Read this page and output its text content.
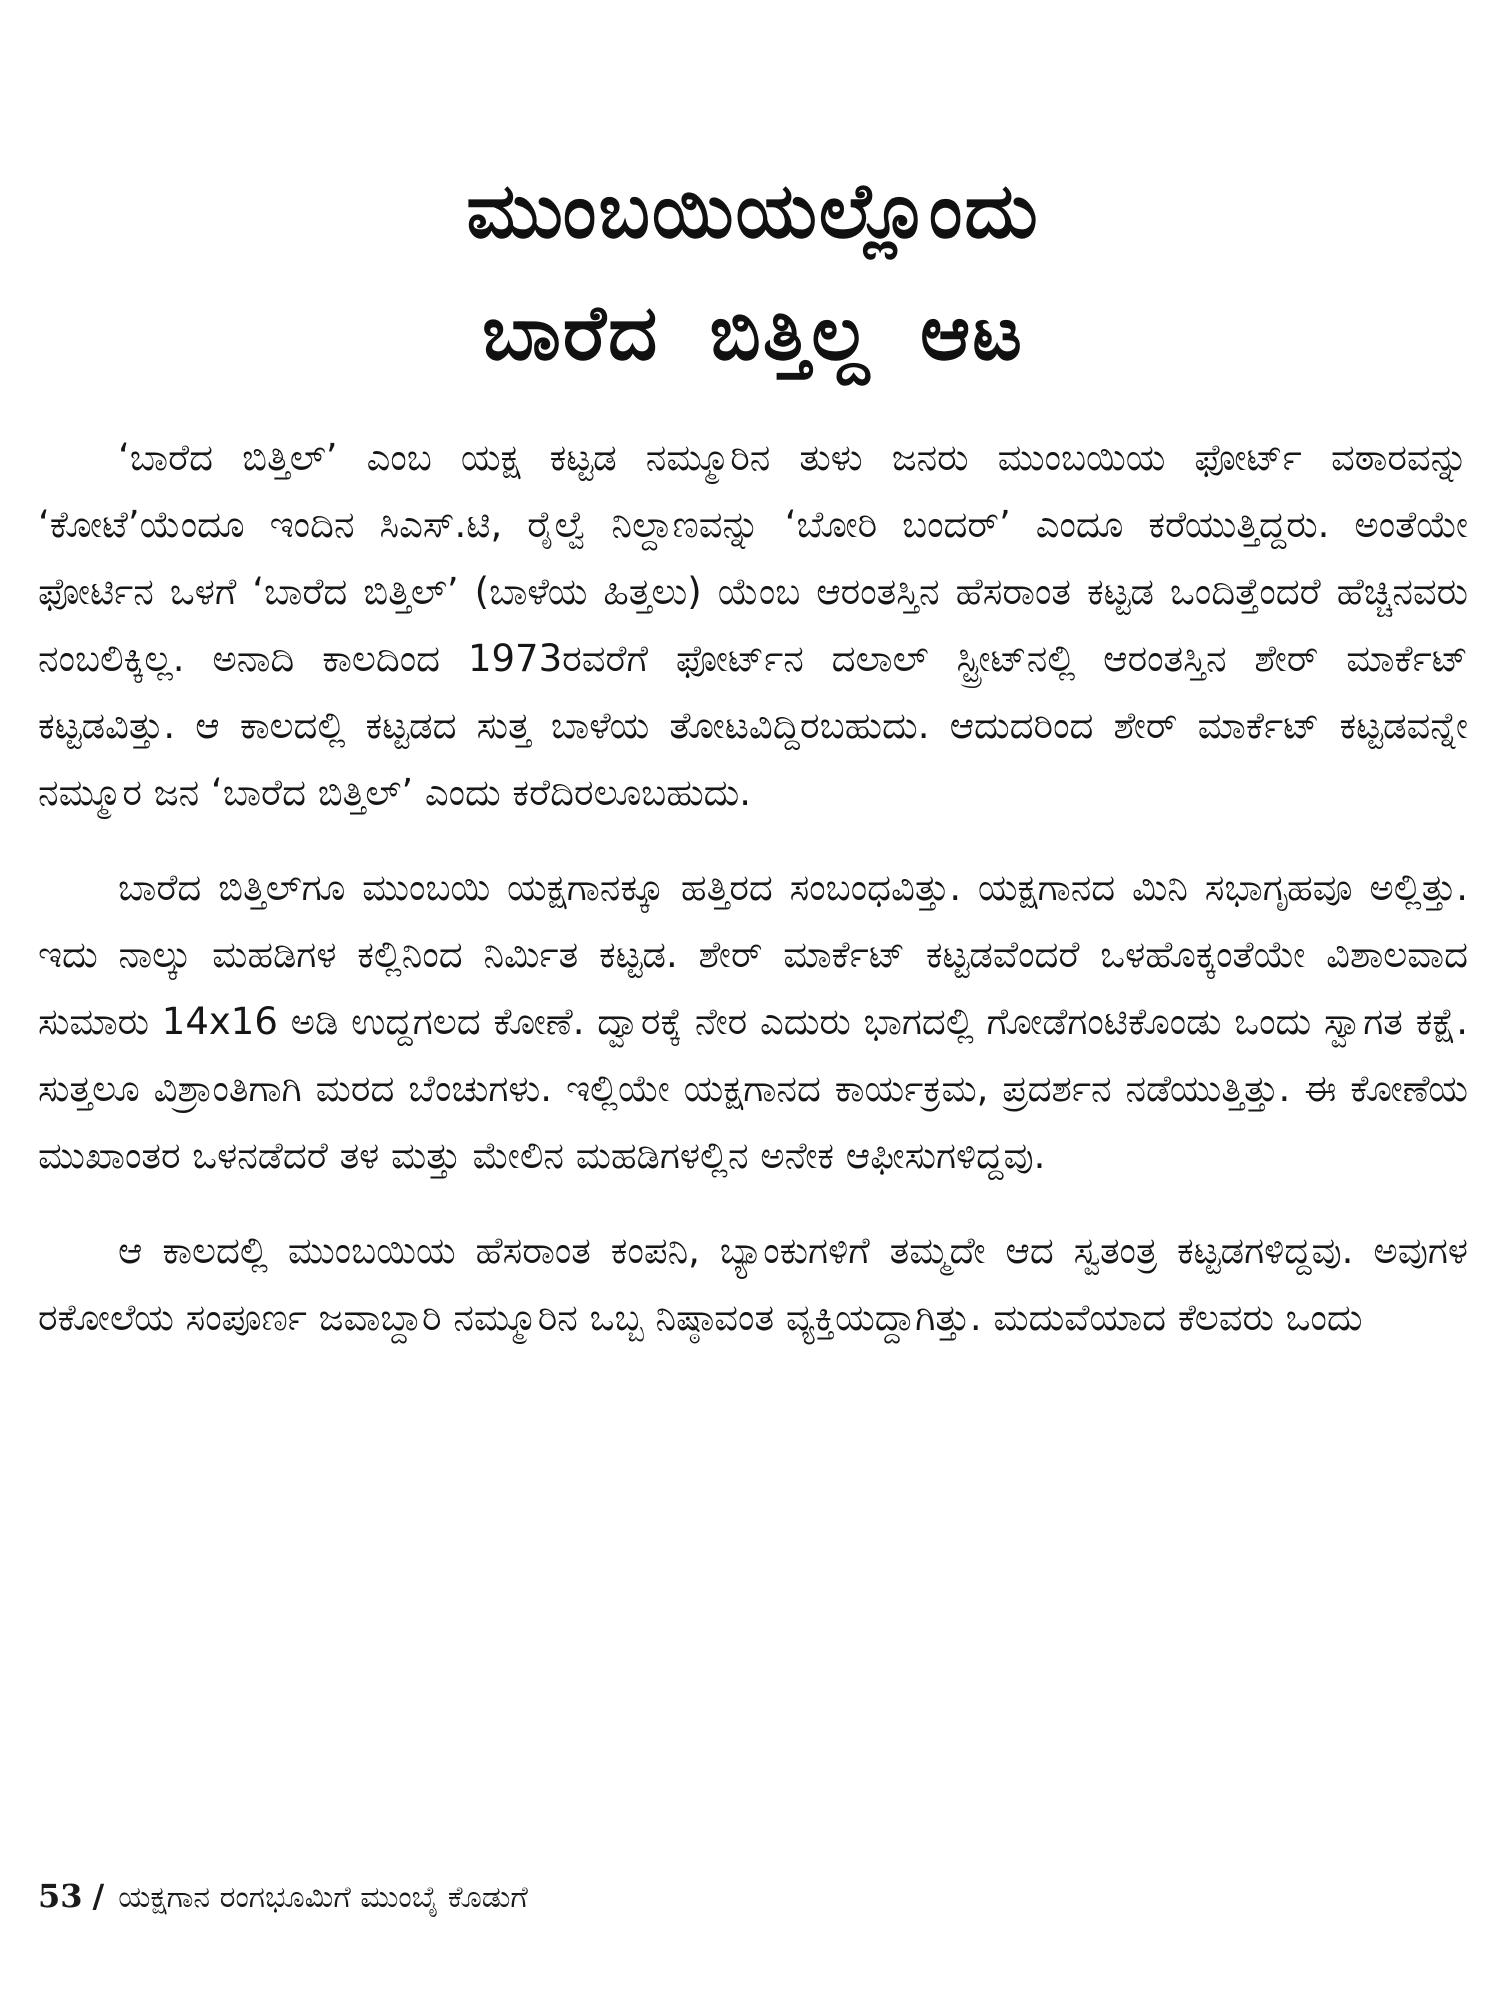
ಮುಂಬಯಿಯಲ್ಲೊಂದು
ಬಾರೆದ ಬಿತ್ತಿಲ್ದ ಆಟ

‘ಬಾರೆದ ಬಿತ್ತಿಲ್’ ಎಂಬ ಯಕ್ಷ ಕಟ್ಟಡ ನಮ್ಮೂರಿನ ತುಳು ಜನರು ಮುಂಬಯಿಯ ಫೋರ್ಟ್ ವಠಾರವನ್ನು ‘ಕೋಟೆ’ಯೆಂದೂ ಇಂದಿನ ಸಿಎಸ್.ಟಿ, ರೈಲ್ವೆ ನಿಲ್ದಾಣವನ್ನು ‘ಬೋರಿ ಬಂದರ್’ ಎಂದೂ ಕರೆಯುತ್ತಿದ್ದರು. ಅಂತೆಯೇ ಫೋರ್ಟಿನ ಒಳಗೆ ‘ಬಾರೆದ ಬಿತ್ತಿಲ್’ (ಬಾಳೆಯ ಹಿತ್ತಲು) ಯೆಂಬ ಆರಂತಸ್ತಿನ ಹೆಸರಾಂತ ಕಟ್ಟಡ ಒಂದಿತ್ತೆಂದರೆ ಹೆಚ್ಚಿನವರು ನಂಬಲಿಕ್ಕಿಲ್ಲ. ಅನಾದಿ ಕಾಲದಿಂದ 1973ರವರೆಗೆ ಫೋರ್ಟ್‌ನ ದಲಾಲ್ ಸ್ಟ್ರೀಟ್‌ನಲ್ಲಿ ಆರಂತಸ್ತಿನ ಶೇರ್ ಮಾರ್ಕೆಟ್ ಕಟ್ಟಡವಿತ್ತು. ಆ ಕಾಲದಲ್ಲಿ ಕಟ್ಟಡದ ಸುತ್ತ ಬಾಳೆಯ ತೋಟವಿದ್ದಿರಬಹುದು. ಆದುದರಿಂದ ಶೇರ್ ಮಾರ್ಕೆಟ್ ಕಟ್ಟಡವನ್ನೇ ನಮ್ಮೂರ ಜನ ‘ಬಾರೆದ ಬಿತ್ತಿಲ್’ ಎಂದು ಕರೆದಿರಲೂಬಹುದು.

ಬಾರೆದ ಬಿತ್ತಿಲ್‌ಗೂ ಮುಂಬಯಿ ಯಕ್ಷಗಾನಕ್ಕೂ ಹತ್ತಿರದ ಸಂಬಂಧವಿತ್ತು. ಯಕ್ಷಗಾನದ ಮಿನಿ ಸಭಾಗೃಹವೂ ಅಲ್ಲಿತ್ತು. ಇದು ನಾಲ್ಕು ಮಹಡಿಗಳ ಕಲ್ಲಿನಿಂದ ನಿರ್ಮಿತ ಕಟ್ಟಡ. ಶೇರ್ ಮಾರ್ಕೆಟ್ ಕಟ್ಟಡವೆಂದರೆ ಒಳಹೊಕ್ಕಂತೆಯೇ ವಿಶಾಲವಾದ ಸುಮಾರು 14x16 ಅಡಿ ಉದ್ದಗಲದ ಕೋಣೆ. ದ್ವಾರಕ್ಕೆ ನೇರ ಎದುರು ಭಾಗದಲ್ಲಿ ಗೋಡೆಗಂಟಿಕೊಂಡು ಒಂದು ಸ್ವಾಗತ ಕಕ್ಷೆ. ಸುತ್ತಲೂ ವಿಶ್ರಾಂತಿಗಾಗಿ ಮರದ ಬೆಂಚುಗಳು. ಇಲ್ಲಿಯೇ ಯಕ್ಷಗಾನದ ಕಾರ್ಯಕ್ರಮ, ಪ್ರದರ್ಶನ ನಡೆಯುತ್ತಿತ್ತು. ಈ ಕೋಣೆಯ ಮುಖಾಂತರ ಒಳನಡೆದರೆ ತಳ ಮತ್ತು ಮೇಲಿನ ಮಹಡಿಗಳಲ್ಲಿನ ಅನೇಕ ಆಫೀಸುಗಳಿದ್ದವು.

ಆ ಕಾಲದಲ್ಲಿ ಮುಂಬಯಿಯ ಹೆಸರಾಂತ ಕಂಪನಿ, ಬ್ಯಾಂಕುಗಳಿಗೆ ತಮ್ಮದೇ ಆದ ಸ್ವತಂತ್ರ ಕಟ್ಟಡಗಳಿದ್ದವು. ಅವುಗಳ ರಕೋಲೆಯ ಸಂಪೂರ್ಣ ಜವಾಬ್ದಾರಿ ನಮ್ಮೂರಿನ ಒಬ್ಬ ನಿಷ್ಠಾವಂತ ವ್ಯಕ್ತಿಯದ್ದಾಗಿತ್ತು. ಮದುವೆಯಾದ ಕೆಲವರು ಒಂದು

53 / ಯಕ್ಷಗಾನ ರಂಗಭೂಮಿಗೆ ಮುಂಬೈ ಕೊಡುಗೆ
